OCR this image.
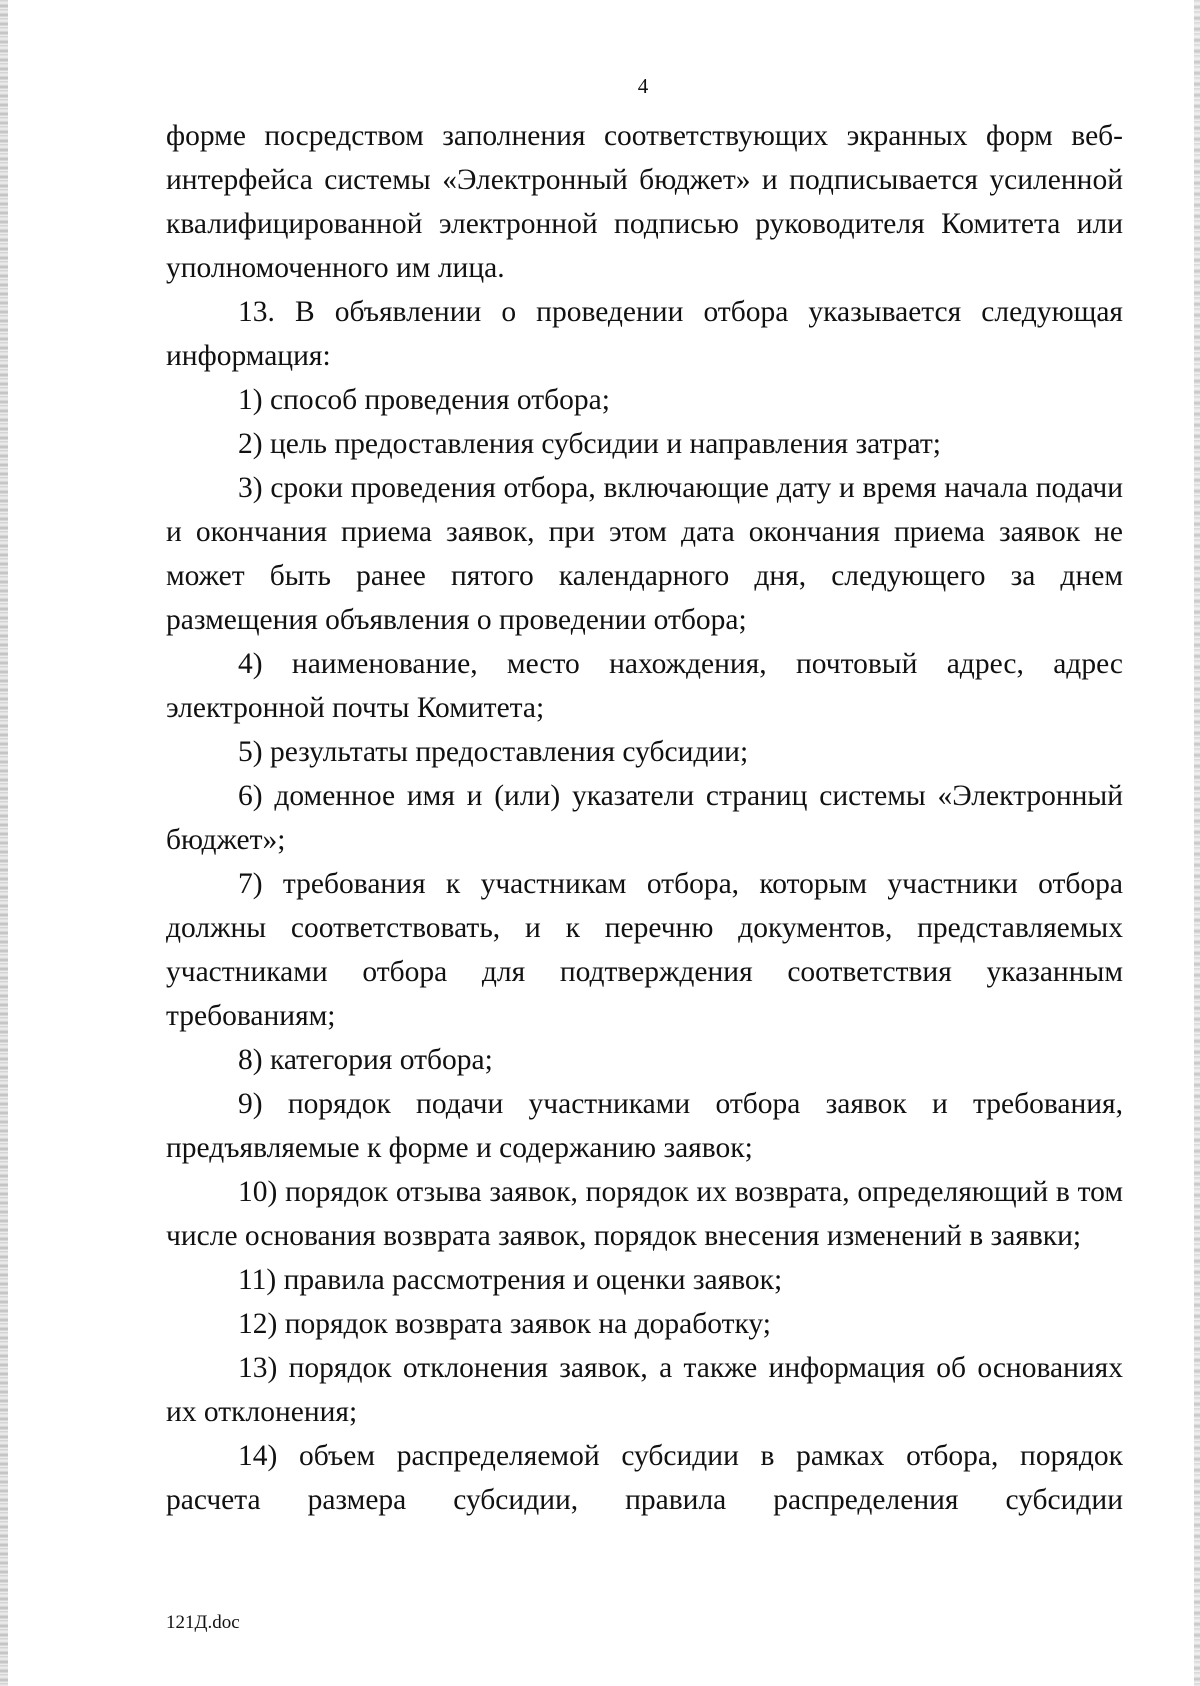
4

форме посредством заполнения соответствующих экранных форм веб-интерфейса системы «Электронный бюджет» и подписывается усиленной квалифицированной электронной подписью руководителя Комитета или уполномоченного им лица.

13. В объявлении о проведении отбора указывается следующая информация:

1) способ проведения отбора;

2) цель предоставления субсидии и направления затрат;

3) сроки проведения отбора, включающие дату и время начала подачи и окончания приема заявок, при этом дата окончания приема заявок не может быть ранее пятого календарного дня, следующего за днем размещения объявления о проведении отбора;

4) наименование, место нахождения, почтовый адрес, адрес электронной почты Комитета;

5) результаты предоставления субсидии;

6) доменное имя и (или) указатели страниц системы «Электронный бюджет»;

7) требования к участникам отбора, которым участники отбора должны соответствовать, и к перечню документов, представляемых участниками отбора для подтверждения соответствия указанным требованиям;

8) категория отбора;

9) порядок подачи участниками отбора заявок и требования, предъявляемые к форме и содержанию заявок;

10) порядок отзыва заявок, порядок их возврата, определяющий в том числе основания возврата заявок, порядок внесения изменений в заявки;

11) правила рассмотрения и оценки заявок;

12) порядок возврата заявок на доработку;

13) порядок отклонения заявок, а также информация об основаниях их отклонения;

14) объем распределяемой субсидии в рамках отбора, порядок расчета размера субсидии, правила распределения субсидии

121Д.doc
